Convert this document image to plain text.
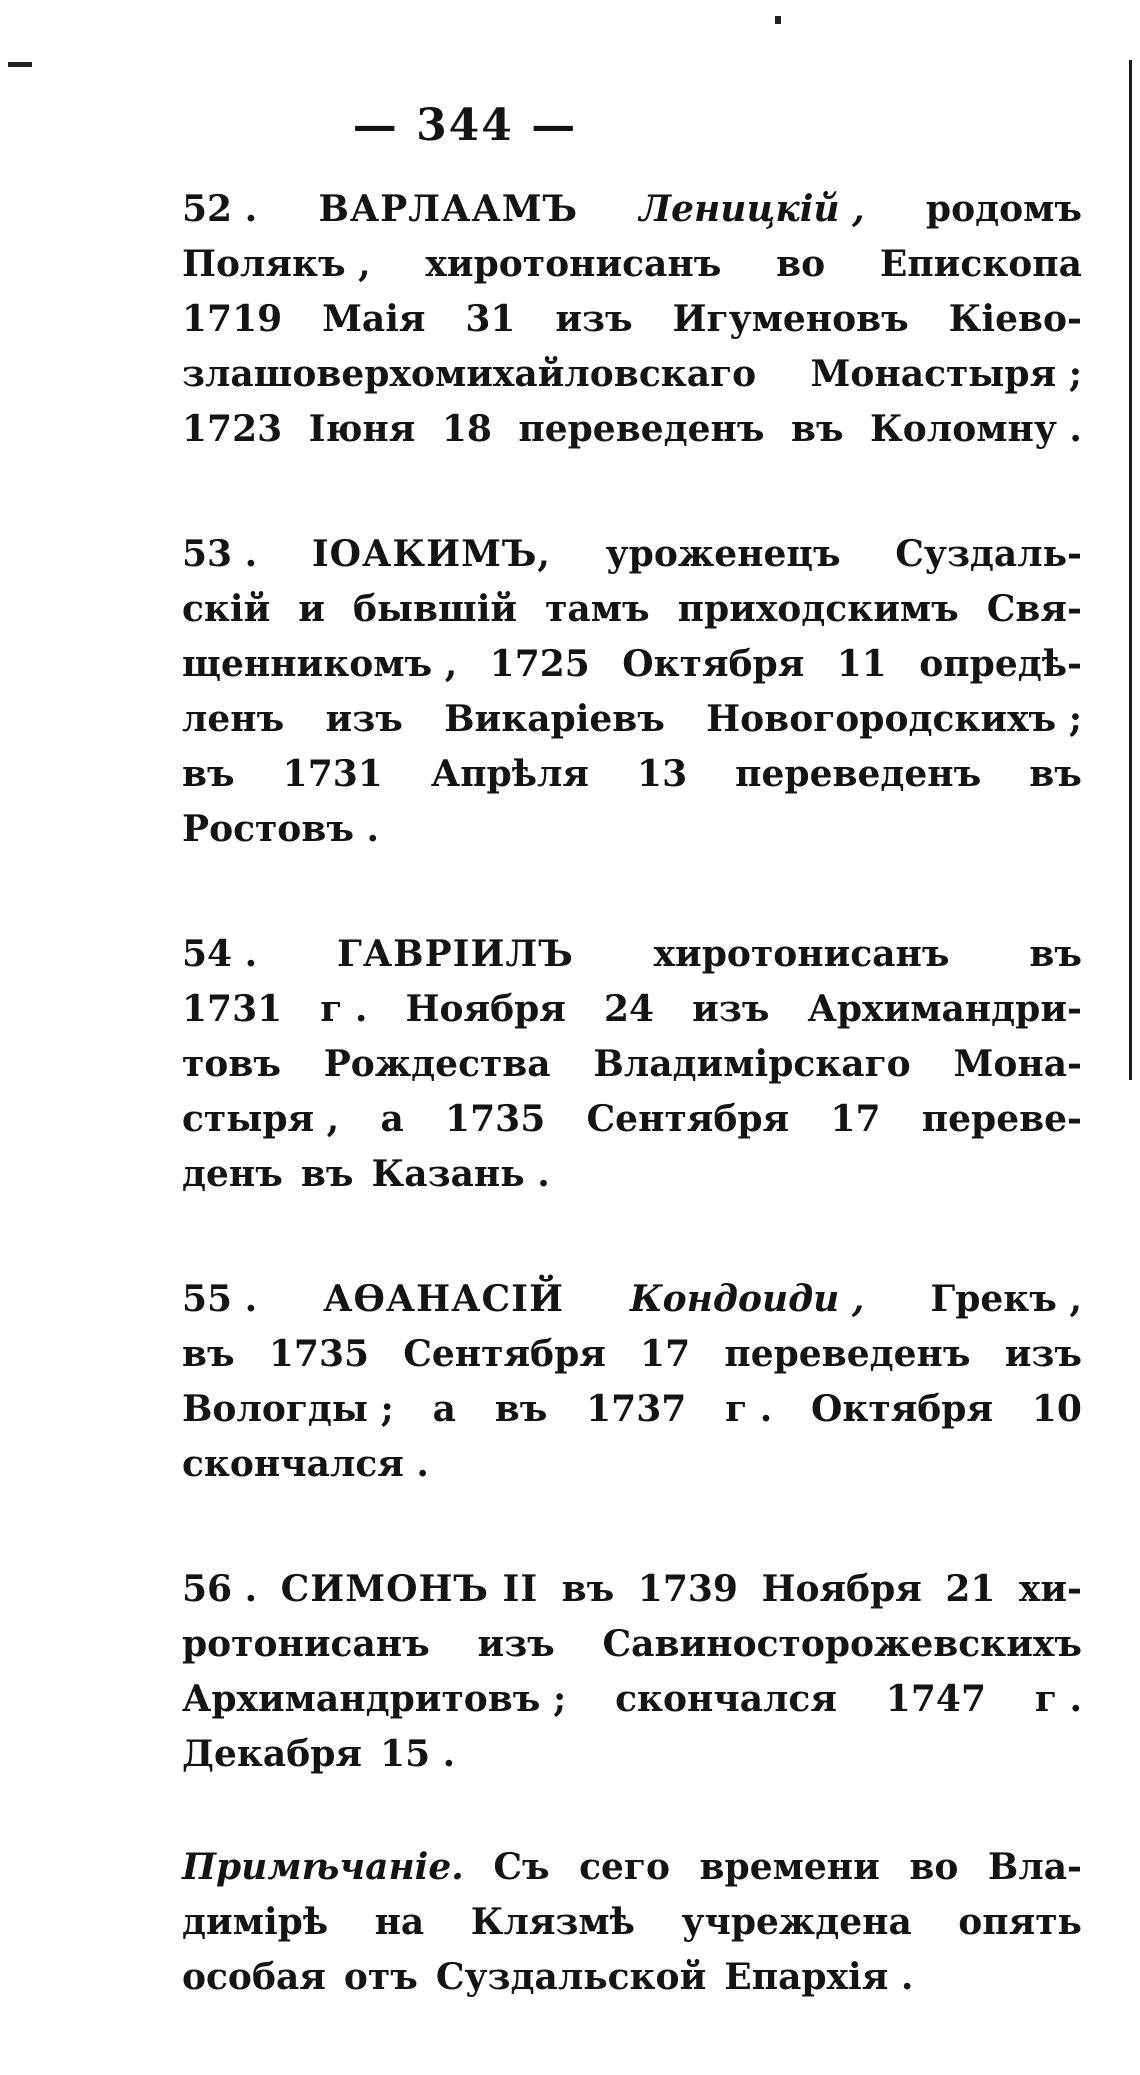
— 344 —
52 . ВАРЛААМЪ Леницкій , родомъ
Полякъ , хиротонисанъ во Епископа
1719 Маія 31 изъ Игуменовъ Кіево-
злашоверхомихайловскаго Монастыря ;
1723 Іюня 18 переведенъ въ Коломну .
53 . ІОАКИМЪ, уроженецъ Суздаль-
скій и бывшій тамъ приходскимъ Свя-
щенникомъ , 1725 Октября 11 опредѣ-
ленъ изъ Викаріевъ Новогородскихъ ;
въ 1731 Апрѣля 13 переведенъ въ
Ростовъ .
54 . ГАВРІИЛЪ хиротонисанъ въ
1731 г . Ноября 24 изъ Архимандри-
товъ Рождества Владимірскаго Мона-
стыря , а 1735 Сентября 17 переве-
денъ въ Казань .
55 . АѲАНАСІЙ Кондоиди , Грекъ ,
въ 1735 Сентября 17 переведенъ изъ
Вологды ; а въ 1737 г . Октября 10
скончался .
56 . СИМОНЪ II въ 1739 Ноября 21 хи-
ротонисанъ изъ Савиносторожевскихъ
Архимандритовъ ; скончался 1747 г .
Декабря 15 .
Примѣчаніе. Съ сего времени во Вла-
димірѣ на Клязмѣ учреждена опять
особая отъ Суздальской Епархія .
